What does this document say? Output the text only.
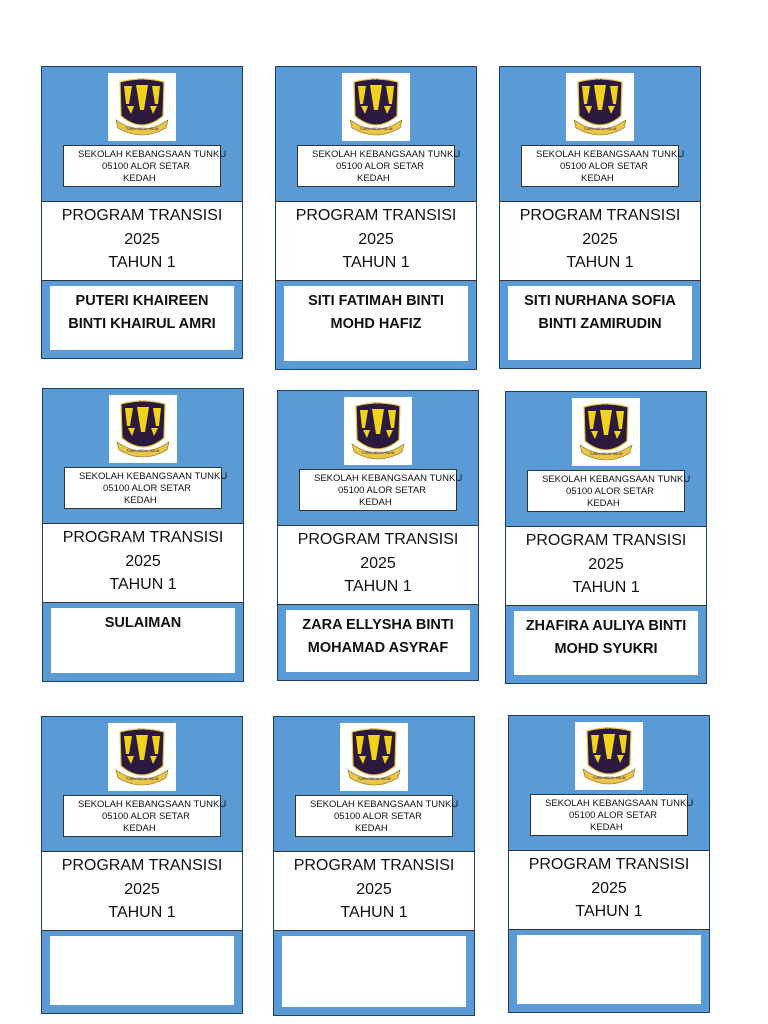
S.K.
TUNKU ABDUL HALIM
SEKOLAH KEBANGSAAN TUNKU
05100 ALOR SETAR
KEDAH
PROGRAM TRANSISI
2025
TAHUN 1
PUTERI KHAIREEN BINTI KHAIRUL AMRI
S.K.
TUNKU ABDUL HALIM
SEKOLAH KEBANGSAAN TUNKU
05100 ALOR SETAR
KEDAH
PROGRAM TRANSISI
2025
TAHUN 1
SITI FATIMAH BINTI MOHD HAFIZ
S.K.
TUNKU ABDUL HALIM
SEKOLAH KEBANGSAAN TUNKU
05100 ALOR SETAR
KEDAH
PROGRAM TRANSISI
2025
TAHUN 1
SITI NURHANA SOFIA BINTI ZAMIRUDIN
S.K.
TUNKU ABDUL HALIM
SEKOLAH KEBANGSAAN TUNKU
05100 ALOR SETAR
KEDAH
PROGRAM TRANSISI
2025
TAHUN 1
SULAIMAN
S.K.
TUNKU ABDUL HALIM
SEKOLAH KEBANGSAAN TUNKU
05100 ALOR SETAR
KEDAH
PROGRAM TRANSISI
2025
TAHUN 1
ZARA ELLYSHA BINTI MOHAMAD ASYRAF
S.K.
TUNKU ABDUL HALIM
SEKOLAH KEBANGSAAN TUNKU
05100 ALOR SETAR
KEDAH
PROGRAM TRANSISI
2025
TAHUN 1
ZHAFIRA AULIYA BINTI MOHD SYUKRI
S.K.
TUNKU ABDUL HALIM
SEKOLAH KEBANGSAAN TUNKU
05100 ALOR SETAR
KEDAH
PROGRAM TRANSISI
2025
TAHUN 1
S.K.
TUNKU ABDUL HALIM
SEKOLAH KEBANGSAAN TUNKU
05100 ALOR SETAR
KEDAH
PROGRAM TRANSISI
2025
TAHUN 1
S.K.
TUNKU ABDUL HALIM
SEKOLAH KEBANGSAAN TUNKU
05100 ALOR SETAR
KEDAH
PROGRAM TRANSISI
2025
TAHUN 1
